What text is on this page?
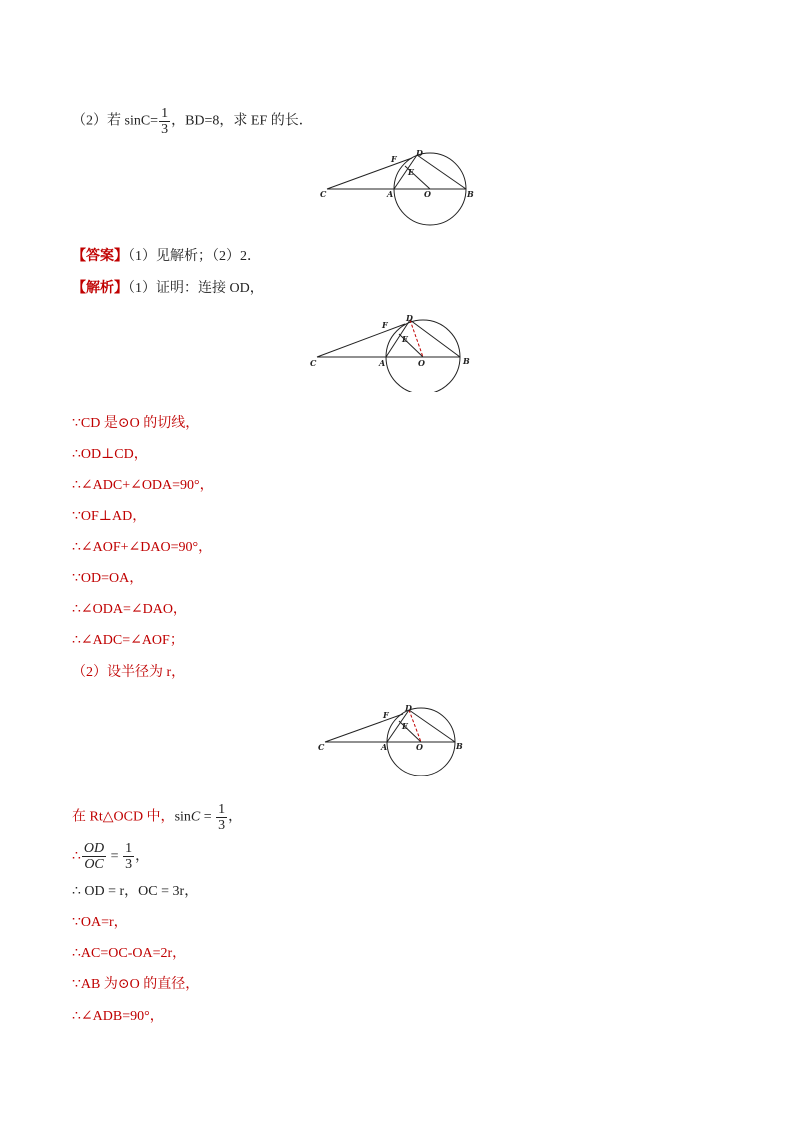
（2）若 $\sin C= \frac{1}{3}$ ，BD=8，求 EF 的长．
C	A	O	B
D
E
F
【答案】（1）见解析；（2）2．
【解析】（1）证明：连接 OD，
C	A	O	B
D
E
F
∵CD 是⊙O 的切线，
∴OD⊥CD，
∴∠ADC+∠ODA=90°，
∵OF⊥AD，
∴∠AOF+∠DAO=90°，
∵OD=OA，
∴∠ODA=∠DAO，
∴∠ADC=∠AOF；
（2）设半径为 r，
C	A	O	B
D
E
F
在 Rt△OCD 中，$\sin C = \frac{1}{3}$ ，
∴ $\frac{OD}{OC} = \frac{1}{3}$ ，
∴ OD = r，OC = 3r，
∵OA=r，
∴AC=OC-OA=2r，
∵AB 为⊙O 的直径，
∴∠ADB=90°，
